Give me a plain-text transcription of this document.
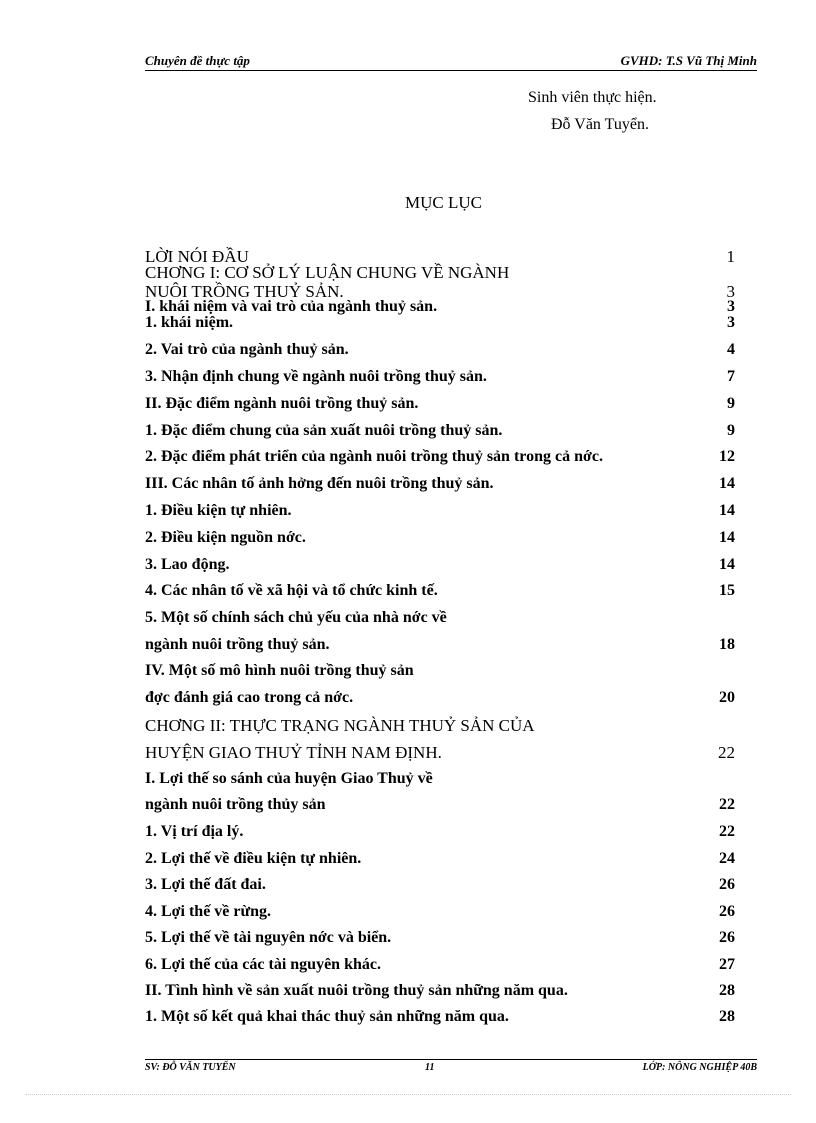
Chuyên đề thực tập	GVHD: T.S Vũ Thị Minh
Sinh viên thực hiện.
Đỗ Văn Tuyển.
MỤC LỤC
LỜI NÓI ĐẦU	1
CHƠNG I: CƠ SỞ LÝ LUẬN CHUNG VỀ NGÀNH
NUÔI TRỒNG THUỶ SẢN.	3
I. khái niệm và vai trò của ngành thuỷ sản.	3
1. khái niệm.	3
2. Vai trò của ngành thuỷ sản.	4
3. Nhận định chung về ngành nuôi trồng thuỷ sản.	7
II. Đặc điểm ngành nuôi trồng thuỷ sản.	9
1. Đặc điểm chung của sản xuất nuôi trồng thuỷ sản.	9
2. Đặc điểm phát triển của ngành nuôi trồng thuỷ sản trong cả nớc.	12
III. Các nhân tố ảnh hởng đến nuôi trồng thuỷ sản.	14
1. Điều kiện tự nhiên.	14
2. Điều kiện nguồn nớc.	14
3. Lao động.	14
4. Các nhân tố về xã hội và tổ chức kinh tế.	15
5. Một số chính sách chủ yếu của nhà nớc về
ngành nuôi trồng thuỷ sản.	18
IV. Một số mô hình nuôi trồng thuỷ sản
đợc đánh giá cao trong cả nớc.	20
CHƠNG II: THỰC TRẠNG NGÀNH THUỶ SẢN CỦA
HUYỆN GIAO THUỶ TỈNH NAM ĐỊNH.	22
I. Lợi thế so sánh của huyện Giao Thuỷ về
ngành nuôi trồng thủy sản	22
1. Vị trí địa lý.	22
2. Lợi thế về điều kiện tự nhiên.	24
3. Lợi thế đất đai.	26
4. Lợi thế về rừng.	26
5. Lợi thế về tài nguyên nớc và biển.	26
6. Lợi thế của các tài nguyên khác.	27
II. Tình hình về sản xuất nuôi trồng thuỷ sản những năm qua.	28
1. Một số kết quả khai thác thuỷ sản những năm qua.	28
SV: ĐỖ VĂN TUYỂN	11	LỚP: NÔNG NGHIỆP 40B
